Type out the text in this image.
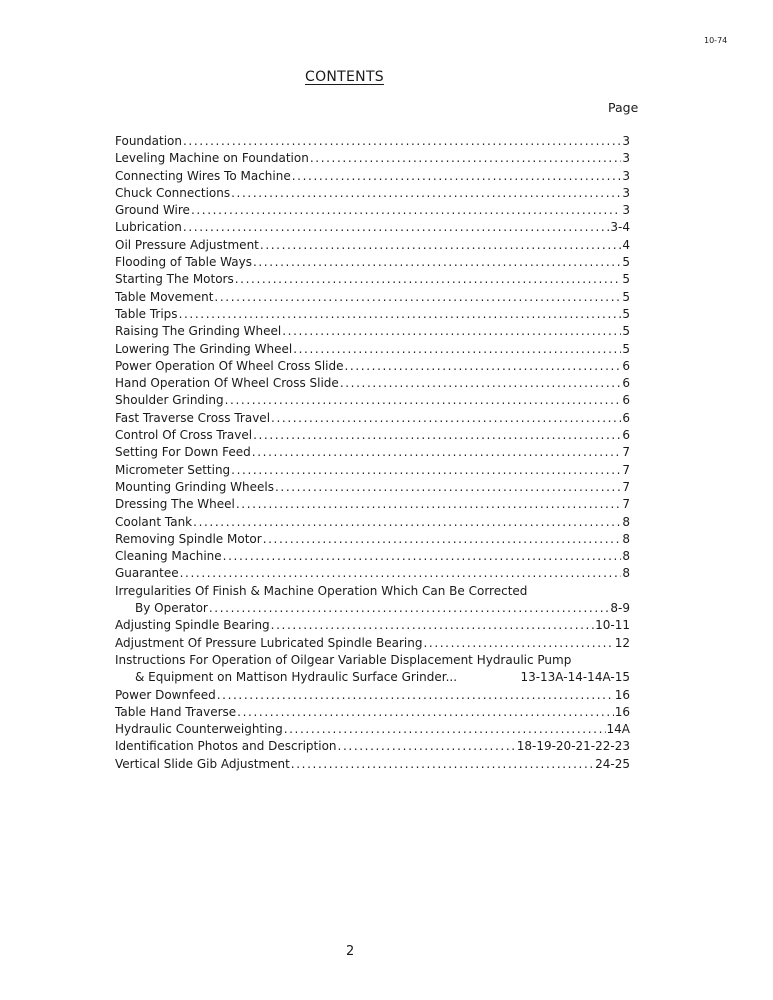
10-74
CONTENTS
Page
Foundation . . .	3
Leveling Machine on Foundation . . .	3
Connecting Wires To Machine . . .	3
Chuck Connections . . .	3
Ground Wire . . .	3
Lubrication . . .	3-4
Oil Pressure Adjustment . . .	4
Flooding of Table Ways . . .	5
Starting The Motors . . .	5
Table Movement . . .	5
Table Trips . . .	5
Raising The Grinding Wheel . . .	5
Lowering The Grinding Wheel . . .	5
Power Operation Of Wheel Cross Slide . . .	6
Hand Operation Of Wheel Cross Slide . . .	6
Shoulder Grinding . . .	6
Fast Traverse Cross Travel . . .	6
Control Of Cross Travel . . .	6
Setting For Down Feed . . .	7
Micrometer Setting . . .	7
Mounting Grinding Wheels . . .	7
Dressing The Wheel . . .	7
Coolant Tank . . .	8
Removing Spindle Motor . . .	8
Cleaning Machine . . .	8
Guarantee . . .	8
Irregularities Of Finish & Machine Operation Which Can Be Corrected
By Operator . . .	8-9
Adjusting Spindle Bearing . . .	10-11
Adjustment Of Pressure Lubricated Spindle Bearing . . .	12
Instructions For Operation of Oilgear Variable Displacement Hydraulic Pump
& Equipment on Mattison Hydraulic Surface Grinder...	13-13A-14-14A-15
Power Downfeed . . .	16
Table Hand Traverse . . .	16
Hydraulic Counterweighting . . .	14A
Identification Photos and Description . . .	18-19-20-21-22-23
Vertical Slide Gib Adjustment . . .	24-25
2
